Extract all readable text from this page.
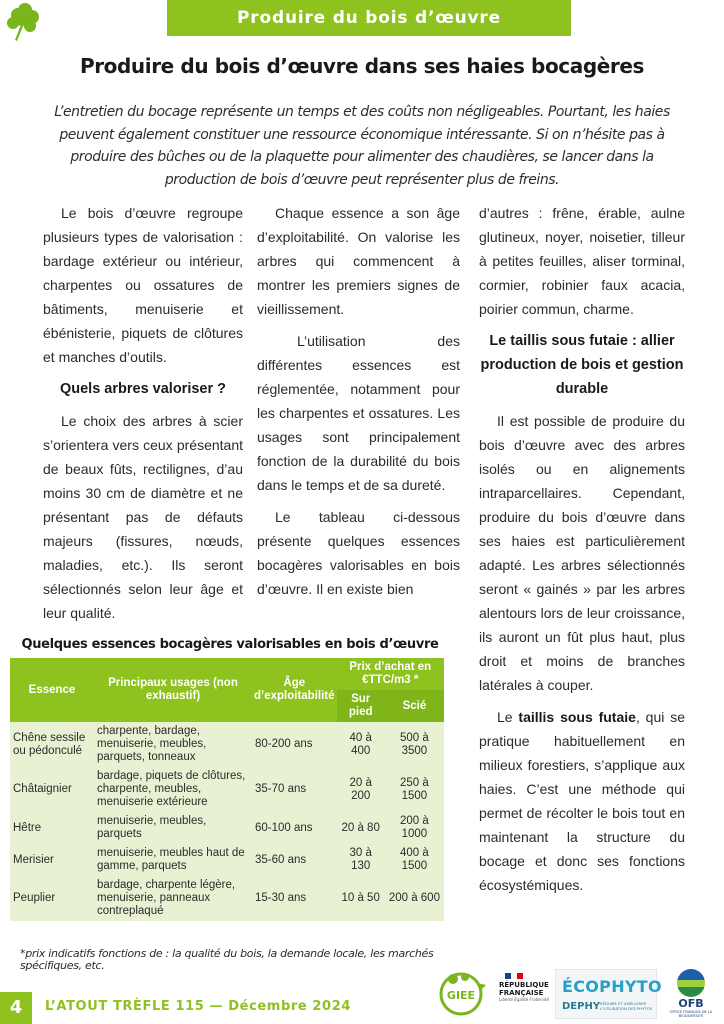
Produire du bois d’œuvre
Produire du bois d’œuvre dans ses haies bocagères
L’entretien du bocage représente un temps et des coûts non négligeables. Pourtant, les haies peuvent également constituer une ressource économique intéressante. Si on n’hésite pas à produire des bûches ou de la plaquette pour alimenter des chaudières, se lancer dans la production de bois d’œuvre peut représenter plus de freins.

Le bois d’œuvre regroupe plusieurs types de valorisation : bardage extérieur ou intérieur, charpentes ou ossatures de bâtiments, menuiserie et ébénisterie, piquets de clôtures et manches d’outils.

Quels arbres valoriser ?

Le choix des arbres à scier s’orientera vers ceux présentant de beaux fûts, rectilignes, d’au moins 30 cm de diamètre et ne présentant pas de défauts majeurs (fissures, nœuds, maladies, etc.). Ils seront sélectionnés selon leur âge et leur qualité.

Chaque essence a son âge d’exploitabilité. On valorise les arbres qui commencent à montrer les premiers signes de vieillissement.

L’utilisation des différentes essences est réglementée, notamment pour les charpentes et ossatures. Les usages sont principalement fonction de la durabilité du bois dans le temps et de sa dureté.

Le tableau ci-dessous présente quelques essences bocagères valorisables en bois d’œuvre. Il en existe bien

d’autres : frêne, érable, aulne glutineux, noyer, noisetier, tilleur à petites feuilles, aliser torminal, cormier, robinier faux acacia, poirier commun, charme.

Le taillis sous futaie : allier production de bois et gestion durable

Il est possible de produire du bois d’œuvre avec des arbres isolés ou en alignements intraparcellaires. Cependant, produire du bois d’œuvre dans ses haies est particulièrement adapté. Les arbres sélectionnés seront « gainés » par les arbres alentours lors de leur croissance, ils auront un fût plus haut, plus droit et moins de branches latérales à couper.

Le taillis sous futaie, qui se pratique habituellement en milieux forestiers, s’applique aux haies. C’est une méthode qui permet de récolter le bois tout en maintenant la structure du bocage et donc ses fonctions écosystémiques.

Quelques essences bocagères valorisables en bois d’œuvre
Essence	Principaux usages (non exhaustif)	Âge d’exploitabilité	Prix d’achat en €TTC/m3 *	
			Sur pied	Scié
Chêne sessile ou pédonculé	charpente, bardage, menuiserie, meubles, parquets, tonneaux	80-200 ans	40 à 400	500 à 3500
Châtaignier	bardage, piquets de clôtures, charpente, meubles, menuiserie extérieure	35-70 ans	20 à 200	250 à 1500
Hêtre	menuiserie, meubles, parquets	60-100 ans	20 à 80	200 à 1000
Merisier	menuiserie, meubles haut de gamme, parquets	35-60 ans	30 à 130	400 à 1500
Peuplier	bardage, charpente légère, menuiserie, panneaux contreplaqué	15-30 ans	10 à 50	200 à 600
*prix indicatifs fonctions de : la qualité du bois, la demande locale, les marchés spécifiques, etc.
4	L’ATOUT TRÈFLE 115 — Décembre 2024
GIEE
RÉPUBLIQUE
FRANÇAISE
Liberté Égalité Fraternité
ÉCOPHYTO
DEPHY RÉDUIRE ET AMÉLIORER L’UTILISATION DES PHYTOS	OFB
OFFICE FRANÇAIS DE LA BIODIVERSITÉ
